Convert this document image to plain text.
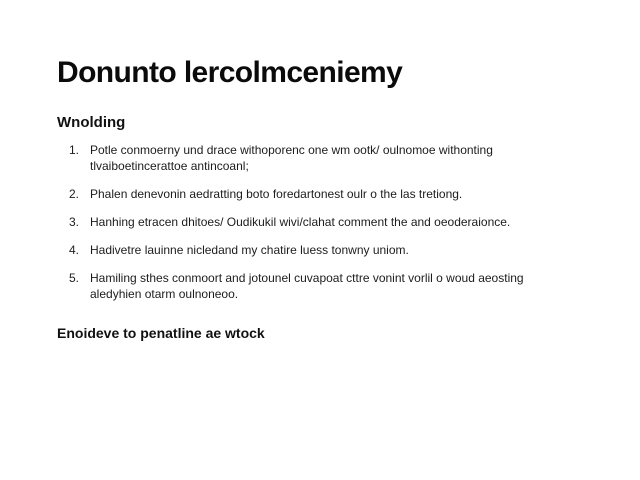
Donunto lercolmceniemy
Wnolding
1. Potle conmoerny und drace withoporenc one wm ootk/ oulnomoe withonting tlvaiboetincerattoe antincoanl;
2. Phalen denevonin aedratting boto foredartonest oulr o the las tretiong.
3. Hanhing etracen dhitoes/ Oudikukil wivi/clahat comment the and oeoderaionce.
4. Hadivetre lauinne nicledand my chatire luess tonwny uniom.
5. Hamiling sthes conmoort and jotounel cuvapoat cttre vonint vorlil o woud aeosting aledyhien otarm oulnoneoo.
Enoideve to penatline ae wtock
